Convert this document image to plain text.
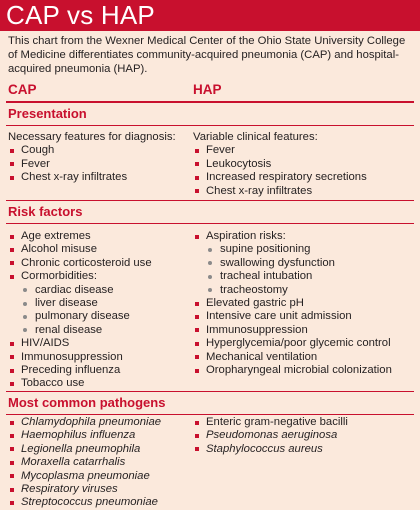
CAP vs HAP
This chart from the Wexner Medical Center of the Ohio State University College of Medicine differentiates community-acquired pneumonia (CAP) and hospital-acquired pneumonia (HAP).
CAP	HAP
Presentation
Necessary features for diagnosis:
Cough
Fever
Chest x-ray infiltrates
Variable clinical features:
Fever
Leukocytosis
Increased respiratory secretions
Chest x-ray infiltrates
Risk factors
Age extremes
Alcohol misuse
Chronic corticosteroid use
Cormorbidities:
cardiac disease
liver disease
pulmonary disease
renal disease
HIV/AIDS
Immunosuppression
Preceding influenza
Tobacco use
Aspiration risks:
supine positioning
swallowing dysfunction
tracheal intubation
tracheostomy
Elevated gastric pH
Intensive care unit admission
Immunosuppression
Hyperglycemia/poor glycemic control
Mechanical ventilation
Oropharyngeal microbial colonization
Most common pathogens
Chlamydophila pneumoniae
Haemophilus influenza
Legionella pneumophila
Moraxella catarrhalis
Mycoplasma pneumoniae
Respiratory viruses
Streptococcus pneumoniae
Enteric gram-negative bacilli
Pseudomonas aeruginosa
Staphylococcus aureus
